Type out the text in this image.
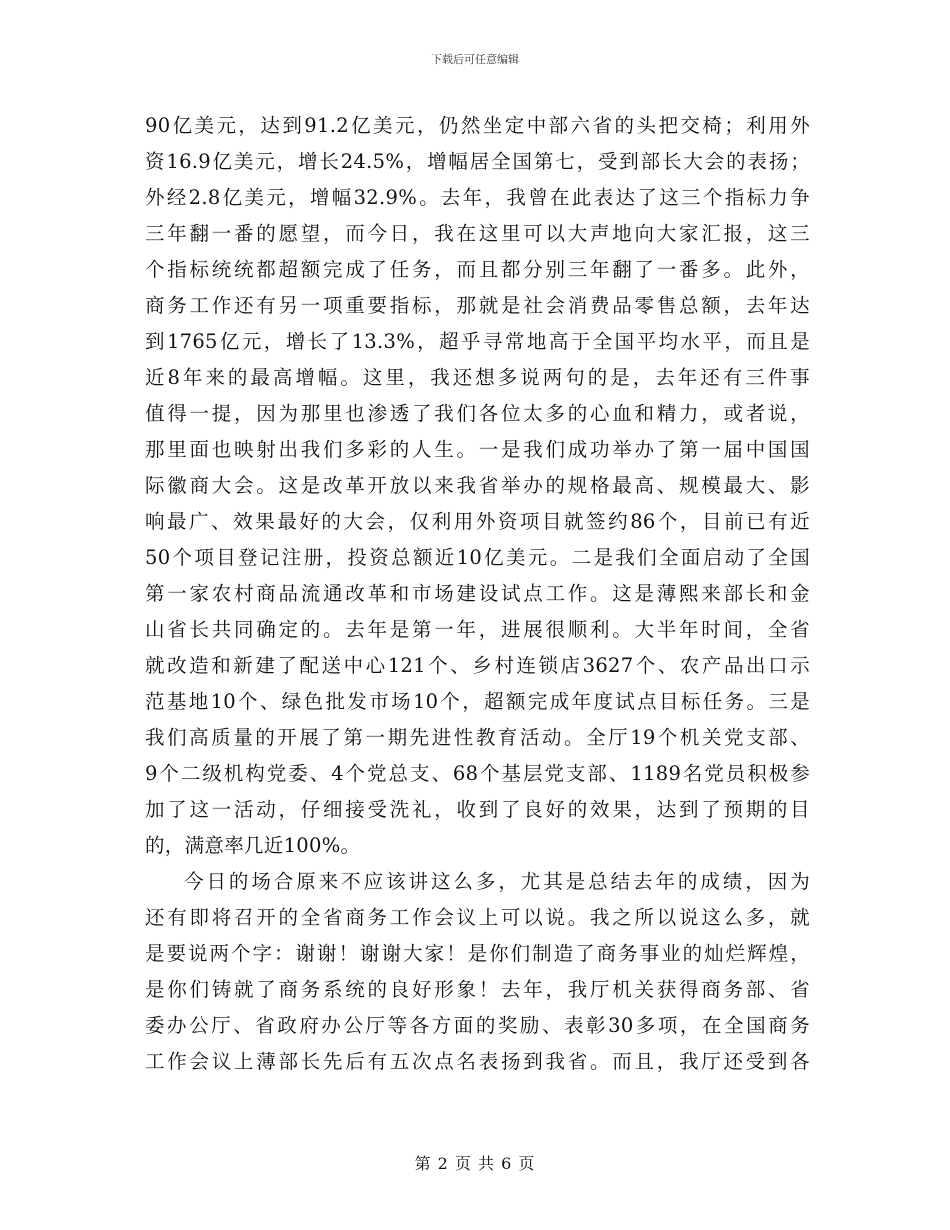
下载后可任意编辑
90亿美元，达到91.2亿美元，仍然坐定中部六省的头把交椅；利用外
资16.9亿美元，增长24.5%，增幅居全国第七，受到部长大会的表扬；
外经2.8亿美元，增幅32.9%。去年，我曾在此表达了这三个指标力争
三年翻一番的愿望，而今日，我在这里可以大声地向大家汇报，这三
个指标统统都超额完成了任务，而且都分别三年翻了一番多。此外，
商务工作还有另一项重要指标，那就是社会消费品零售总额，去年达
到1765亿元，增长了13.3%，超乎寻常地高于全国平均水平，而且是
近8年来的最高增幅。这里，我还想多说两句的是，去年还有三件事
值得一提，因为那里也渗透了我们各位太多的心血和精力，或者说，
那里面也映射出我们多彩的人生。一是我们成功举办了第一届中国国
际徽商大会。这是改革开放以来我省举办的规格最高、规模最大、影
响最广、效果最好的大会，仅利用外资项目就签约86个，目前已有近
50个项目登记注册，投资总额近10亿美元。二是我们全面启动了全国
第一家农村商品流通改革和市场建设试点工作。这是薄熙来部长和金
山省长共同确定的。去年是第一年，进展很顺利。大半年时间，全省
就改造和新建了配送中心121个、乡村连锁店3627个、农产品出口示
范基地10个、绿色批发市场10个，超额完成年度试点目标任务。三是
我们高质量的开展了第一期先进性教育活动。全厅19个机关党支部、
9个二级机构党委、4个党总支、68个基层党支部、1189名党员积极参
加了这一活动，仔细接受洗礼，收到了良好的效果，达到了预期的目
的，满意率几近100%。
今日的场合原来不应该讲这么多，尤其是总结去年的成绩，因为
还有即将召开的全省商务工作会议上可以说。我之所以说这么多，就
是要说两个字：谢谢！谢谢大家！是你们制造了商务事业的灿烂辉煌，
是你们铸就了商务系统的良好形象！去年，我厅机关获得商务部、省
委办公厅、省政府办公厅等各方面的奖励、表彰30多项，在全国商务
工作会议上薄部长先后有五次点名表扬到我省。而且，我厅还受到各
第 2 页 共 6 页
